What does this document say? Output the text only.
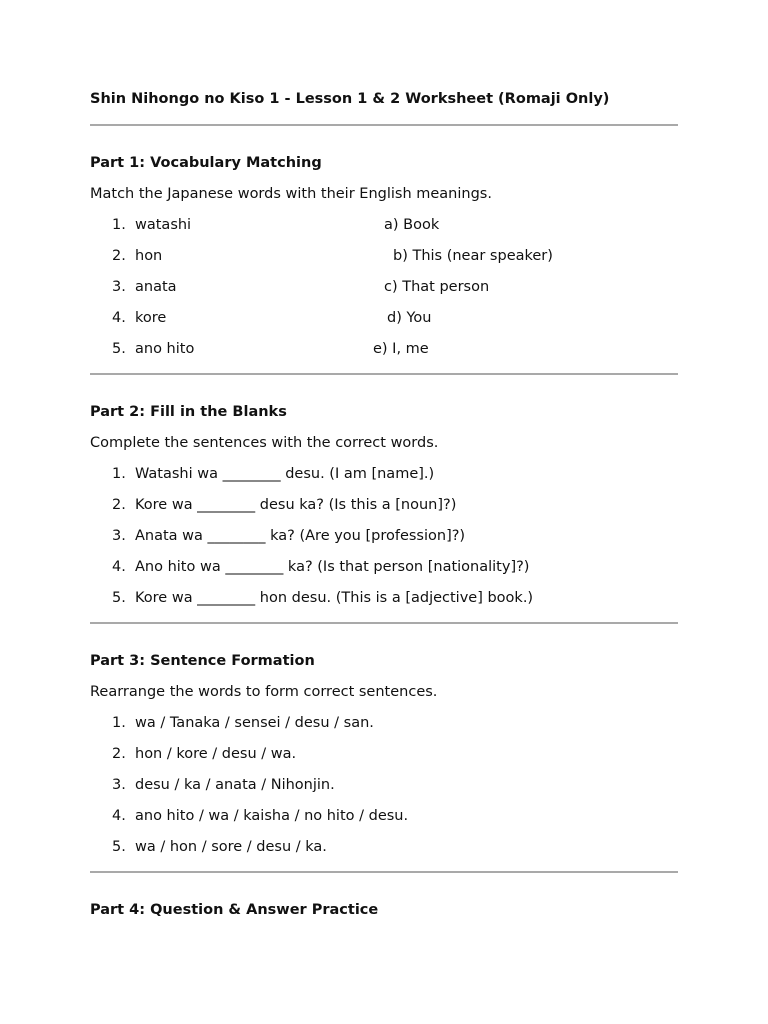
Shin Nihongo no Kiso 1 - Lesson 1 & 2 Worksheet (Romaji Only)
Part 1: Vocabulary Matching
Match the Japanese words with their English meanings.
1. watashi	a) Book
2. hon	b) This (near speaker)
3. anata	c) That person
4. kore	d) You
5. ano hito	e) I, me
Part 2: Fill in the Blanks
Complete the sentences with the correct words.
1. Watashi wa ________ desu. (I am [name].)
2. Kore wa ________ desu ka? (Is this a [noun]?)
3. Anata wa ________ ka? (Are you [profession]?)
4. Ano hito wa ________ ka? (Is that person [nationality]?)
5. Kore wa ________ hon desu. (This is a [adjective] book.)
Part 3: Sentence Formation
Rearrange the words to form correct sentences.
1. wa / Tanaka / sensei / desu / san.
2. hon / kore / desu / wa.
3. desu / ka / anata / Nihonjin.
4. ano hito / wa / kaisha / no hito / desu.
5. wa / hon / sore / desu / ka.
Part 4: Question & Answer Practice
